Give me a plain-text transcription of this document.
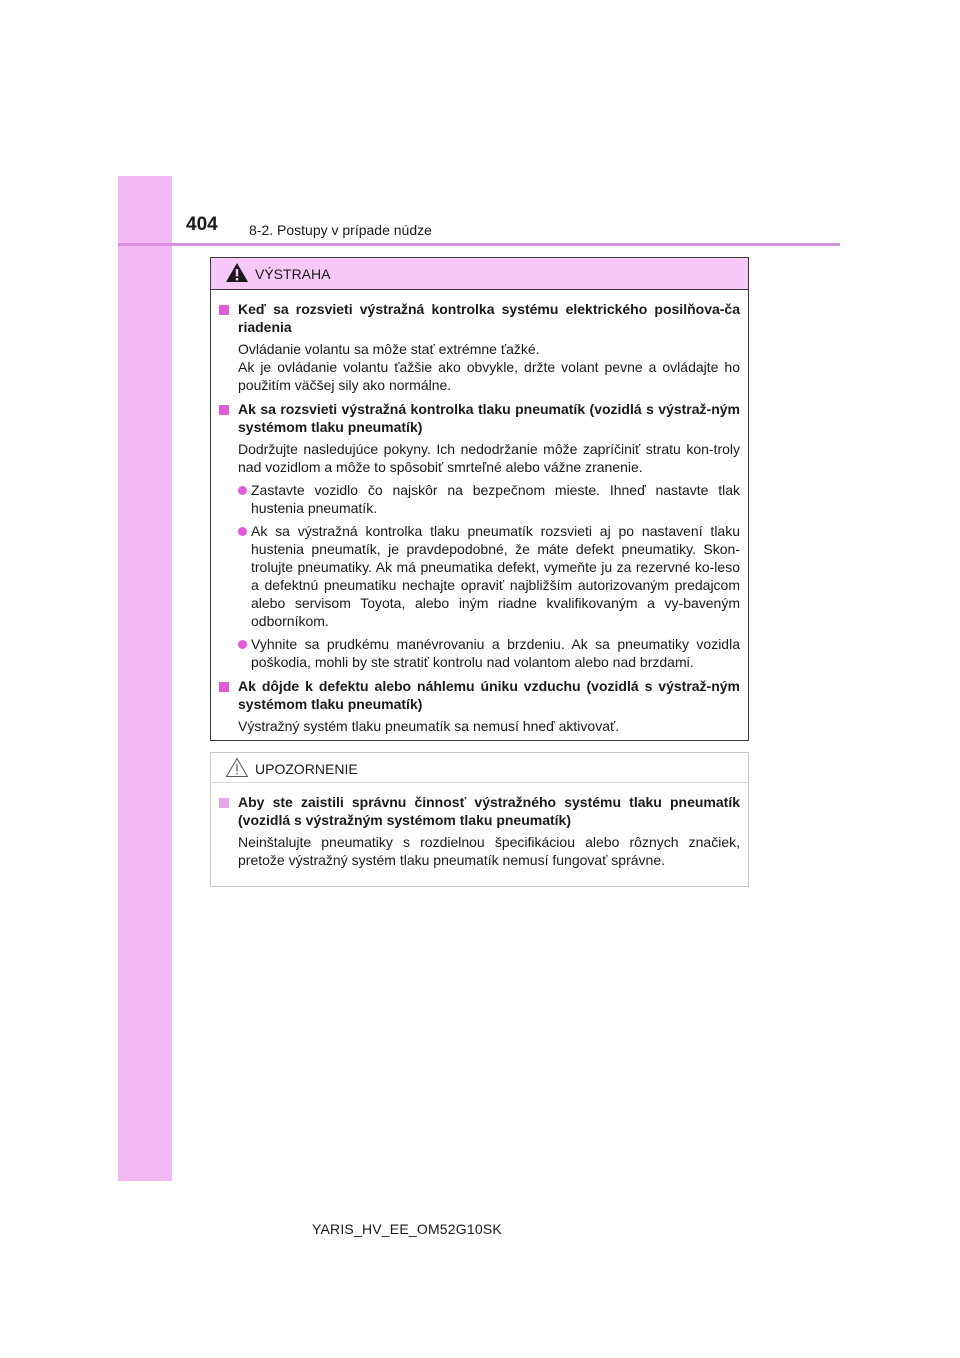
404 8-2. Postupy v prípade núdze
VÝSTRAHA
Keď sa rozsvieti výstražná kontrolka systému elektrického posilňova-ča riadenia
Ovládanie volantu sa môže stať extrémne ťažké.
Ak je ovládanie volantu ťažšie ako obvykle, držte volant pevne a ovládajte ho použitím väčšej sily ako normálne.
Ak sa rozsvieti výstražná kontrolka tlaku pneumatík (vozidlá s výstraž-ným systémom tlaku pneumatík)
Dodržujte nasledujúce pokyny. Ich nedodržanie môže zapríčiniť stratu kon-troly nad vozidlom a môže to spôsobiť smrteľné alebo vážne zranenie.
Zastavte vozidlo čo najskôr na bezpečnom mieste. Ihneď nastavte tlak hustenia pneumatík.
Ak sa výstražná kontrolka tlaku pneumatík rozsvieti aj po nastavení tlaku hustenia pneumatík, je pravdepodobné, že máte defekt pneumatiky. Skon-trolujte pneumatiky. Ak má pneumatika defekt, vymeňte ju za rezervné ko-leso a defektnú pneumatiku nechajte opraviť najbližším autorizovaným predajcom alebo servisom Toyota, alebo iným riadne kvalifikovaným a vy-baveným odborníkom.
Vyhnite sa prudkému manévrovaniu a brzdeniu. Ak sa pneumatiky vozidla poškodia, mohli by ste stratiť kontrolu nad volantom alebo nad brzdami.
Ak dôjde k defektu alebo náhlemu úniku vzduchu (vozidlá s výstraž-ným systémom tlaku pneumatík)
Výstražný systém tlaku pneumatík sa nemusí hneď aktivovať.
UPOZORNENIE
Aby ste zaistili správnu činnosť výstražného systému tlaku pneumatík (vozidlá s výstražným systémom tlaku pneumatík)
Neinštalujte pneumatiky s rozdielnou špecifikáciou alebo rôznych značiek, pretože výstražný systém tlaku pneumatík nemusí fungovať správne.
YARIS_HV_EE_OM52G10SK
